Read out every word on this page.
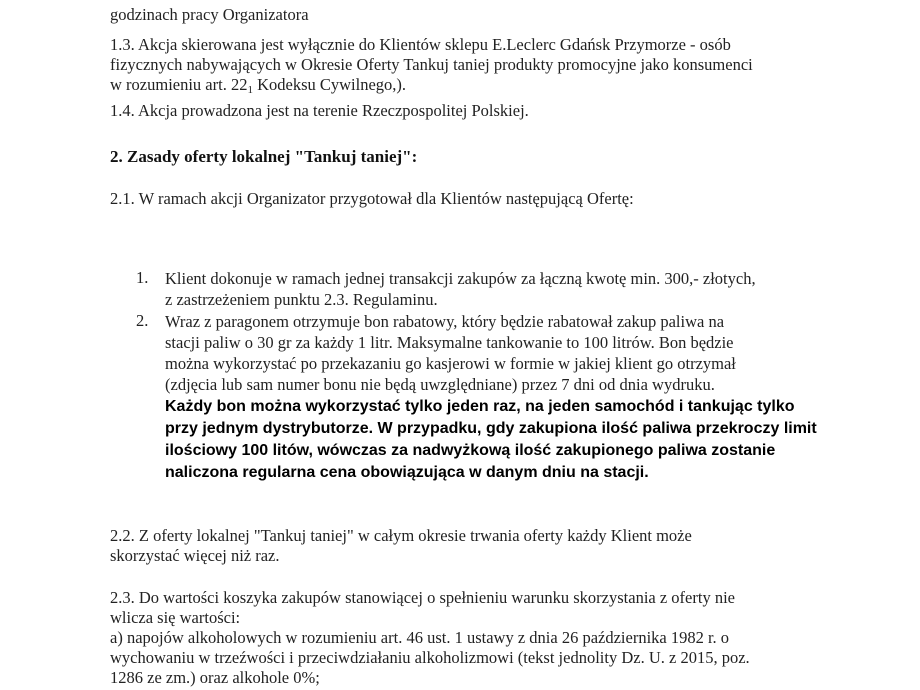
godzinach pracy Organizatora
1.3. Akcja skierowana jest wyłącznie do Klientów sklepu E.Leclerc Gdańsk Przymorze - osób
fizycznych nabywających w Okresie Oferty Tankuj taniej produkty promocyjne jako konsumenci
w rozumieniu art. 221 Kodeksu Cywilnego,).
1.4. Akcja prowadzona jest na terenie Rzeczpospolitej Polskiej.
2. Zasady oferty lokalnej "Tankuj taniej":
2.1. W ramach akcji Organizator przygotował dla Klientów następującą Ofertę:
1. Klient dokonuje w ramach jednej transakcji zakupów za łączną kwotę min. 300,- złotych,
z zastrzeżeniem punktu 2.3. Regulaminu.
2. Wraz z paragonem otrzymuje bon rabatowy, który będzie rabatował zakup paliwa na
stacji paliw o 30 gr za każdy 1 litr. Maksymalne tankowanie to 100 litrów. Bon będzie
można wykorzystać po przekazaniu go kasjerowi w formie w jakiej klient go otrzymał
(zdjęcia lub sam numer bonu nie będą uwzględniane) przez 7 dni od dnia wydruku.
Każdy bon można wykorzystać tylko jeden raz, na jeden samochód i tankując tylko
przy jednym dystrybutorze. W przypadku, gdy zakupiona ilość paliwa przekroczy limit
ilościowy 100 litów, wówczas za nadwyżkową ilość zakupionego paliwa zostanie
naliczona regularna cena obowiązująca w danym dniu na stacji.
2.2. Z oferty lokalnej "Tankuj taniej" w całym okresie trwania oferty każdy Klient może
skorzystać więcej niż raz.
2.3. Do wartości koszyka zakupów stanowiącej o spełnieniu warunku skorzystania z oferty nie
wlicza się wartości:
a) napojów alkoholowych w rozumieniu art. 46 ust. 1 ustawy z dnia 26 października 1982 r. o
wychowaniu w trzeźwości i przeciwdziałaniu alkoholizmowi (tekst jednolity Dz. U. z 2015, poz.
1286 ze zm.) oraz alkohole 0%;
